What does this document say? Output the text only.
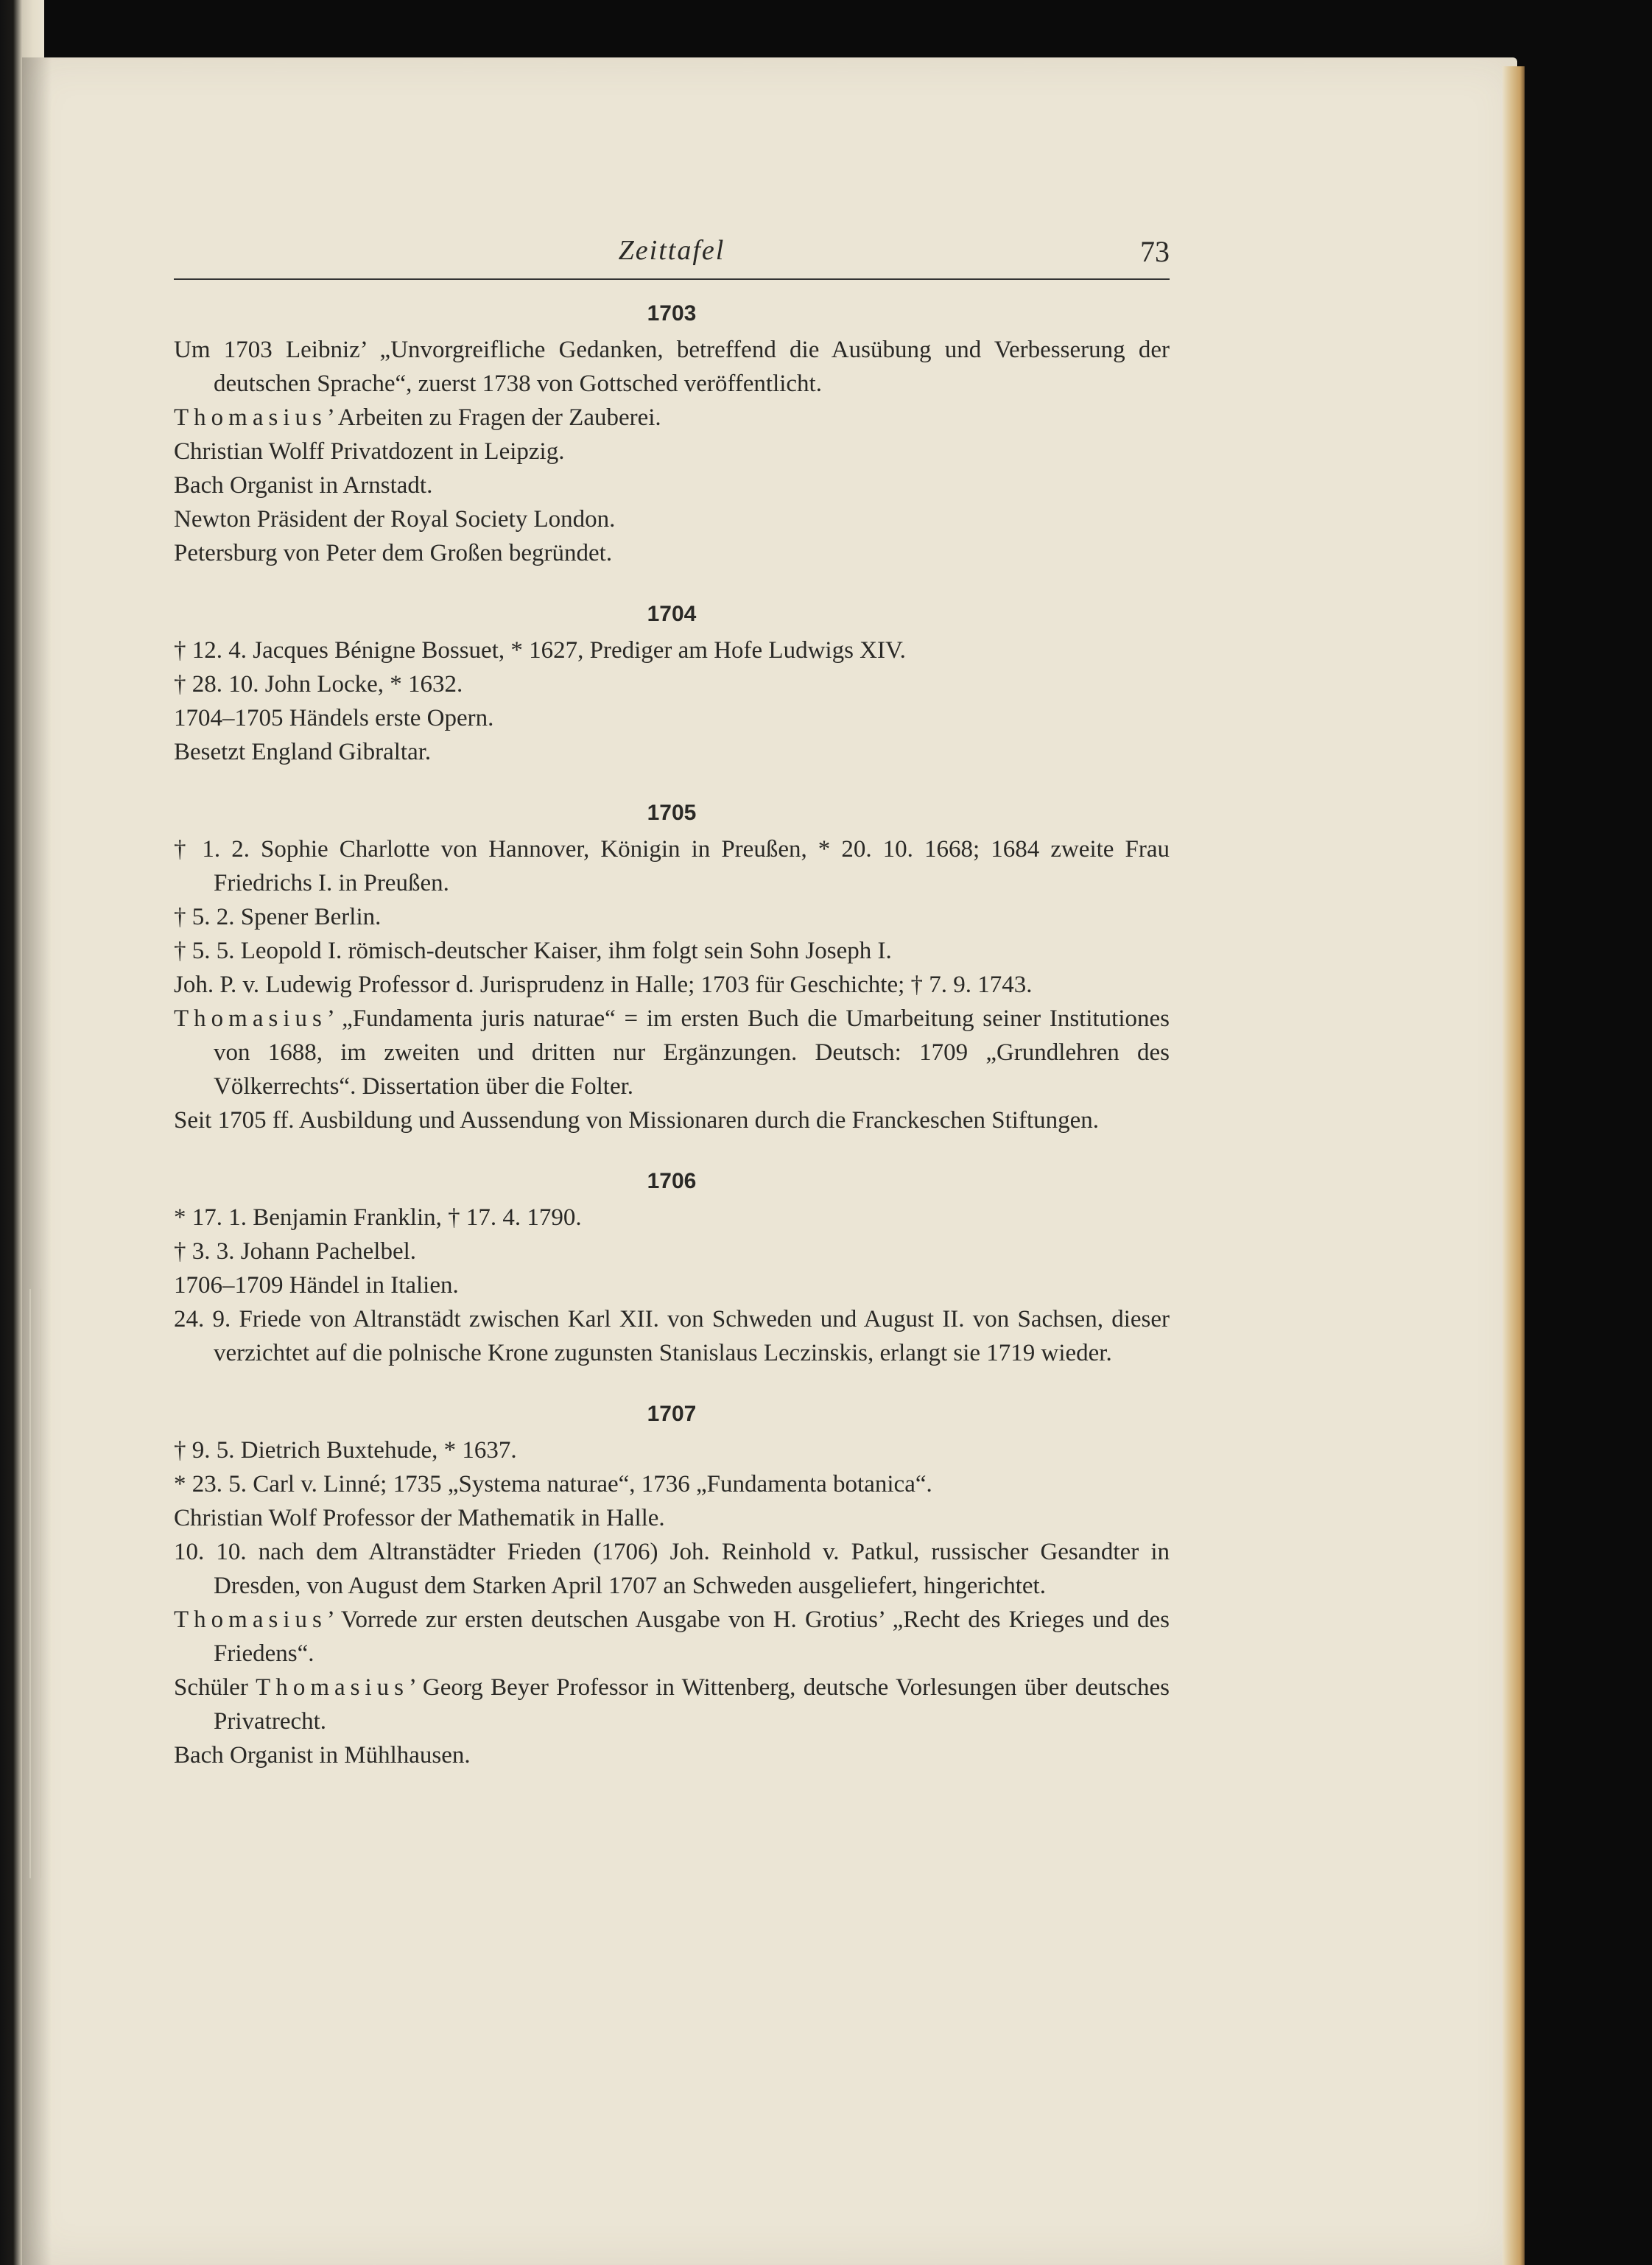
Zeittafel	73
1703

Um 1703 Leibniz’ „Unvorgreifliche Gedanken, betreffend die Ausübung und Verbesserung der deutschen Sprache“, zuerst 1738 von Gottsched veröffentlicht.

Thomasius’ Arbeiten zu Fragen der Zauberei.

Christian Wolff Privatdozent in Leipzig.

Bach Organist in Arnstadt.

Newton Präsident der Royal Society London.

Petersburg von Peter dem Großen begründet.

1704

† 12. 4. Jacques Bénigne Bossuet, * 1627, Prediger am Hofe Ludwigs XIV.

† 28. 10. John Locke, * 1632.

1704–1705 Händels erste Opern.

Besetzt England Gibraltar.

1705

† 1. 2. Sophie Charlotte von Hannover, Königin in Preußen, * 20. 10. 1668; 1684 zweite Frau Friedrichs I. in Preußen.

† 5. 2. Spener Berlin.

† 5. 5. Leopold I. römisch-deutscher Kaiser, ihm folgt sein Sohn Joseph I.

Joh. P. v. Ludewig Professor d. Jurisprudenz in Halle; 1703 für Geschichte; † 7. 9. 1743.

Thomasius’ „Fundamenta juris naturae“ = im ersten Buch die Umarbeitung seiner Institutiones von 1688, im zweiten und dritten nur Ergänzungen. Deutsch: 1709 „Grundlehren des Völkerrechts“. Dissertation über die Folter.

Seit 1705 ff. Ausbildung und Aussendung von Missionaren durch die Franckeschen Stiftungen.

1706

* 17. 1. Benjamin Franklin, † 17. 4. 1790.

† 3. 3. Johann Pachelbel.

1706–1709 Händel in Italien.

24. 9. Friede von Altranstädt zwischen Karl XII. von Schweden und August II. von Sachsen, dieser verzichtet auf die polnische Krone zugunsten Stanislaus Leczinskis, erlangt sie 1719 wieder.

1707

† 9. 5. Dietrich Buxtehude, * 1637.

* 23. 5. Carl v. Linné; 1735 „Systema naturae“, 1736 „Fundamenta botanica“.

Christian Wolf Professor der Mathematik in Halle.

10. 10. nach dem Altranstädter Frieden (1706) Joh. Reinhold v. Patkul, russischer Gesandter in Dresden, von August dem Starken April 1707 an Schweden ausgeliefert, hingerichtet.

Thomasius’ Vorrede zur ersten deutschen Ausgabe von H. Grotius’ „Recht des Krieges und des Friedens“.

Schüler Thomasius’ Georg Beyer Professor in Wittenberg, deutsche Vorlesungen über deutsches Privatrecht.

Bach Organist in Mühlhausen.
